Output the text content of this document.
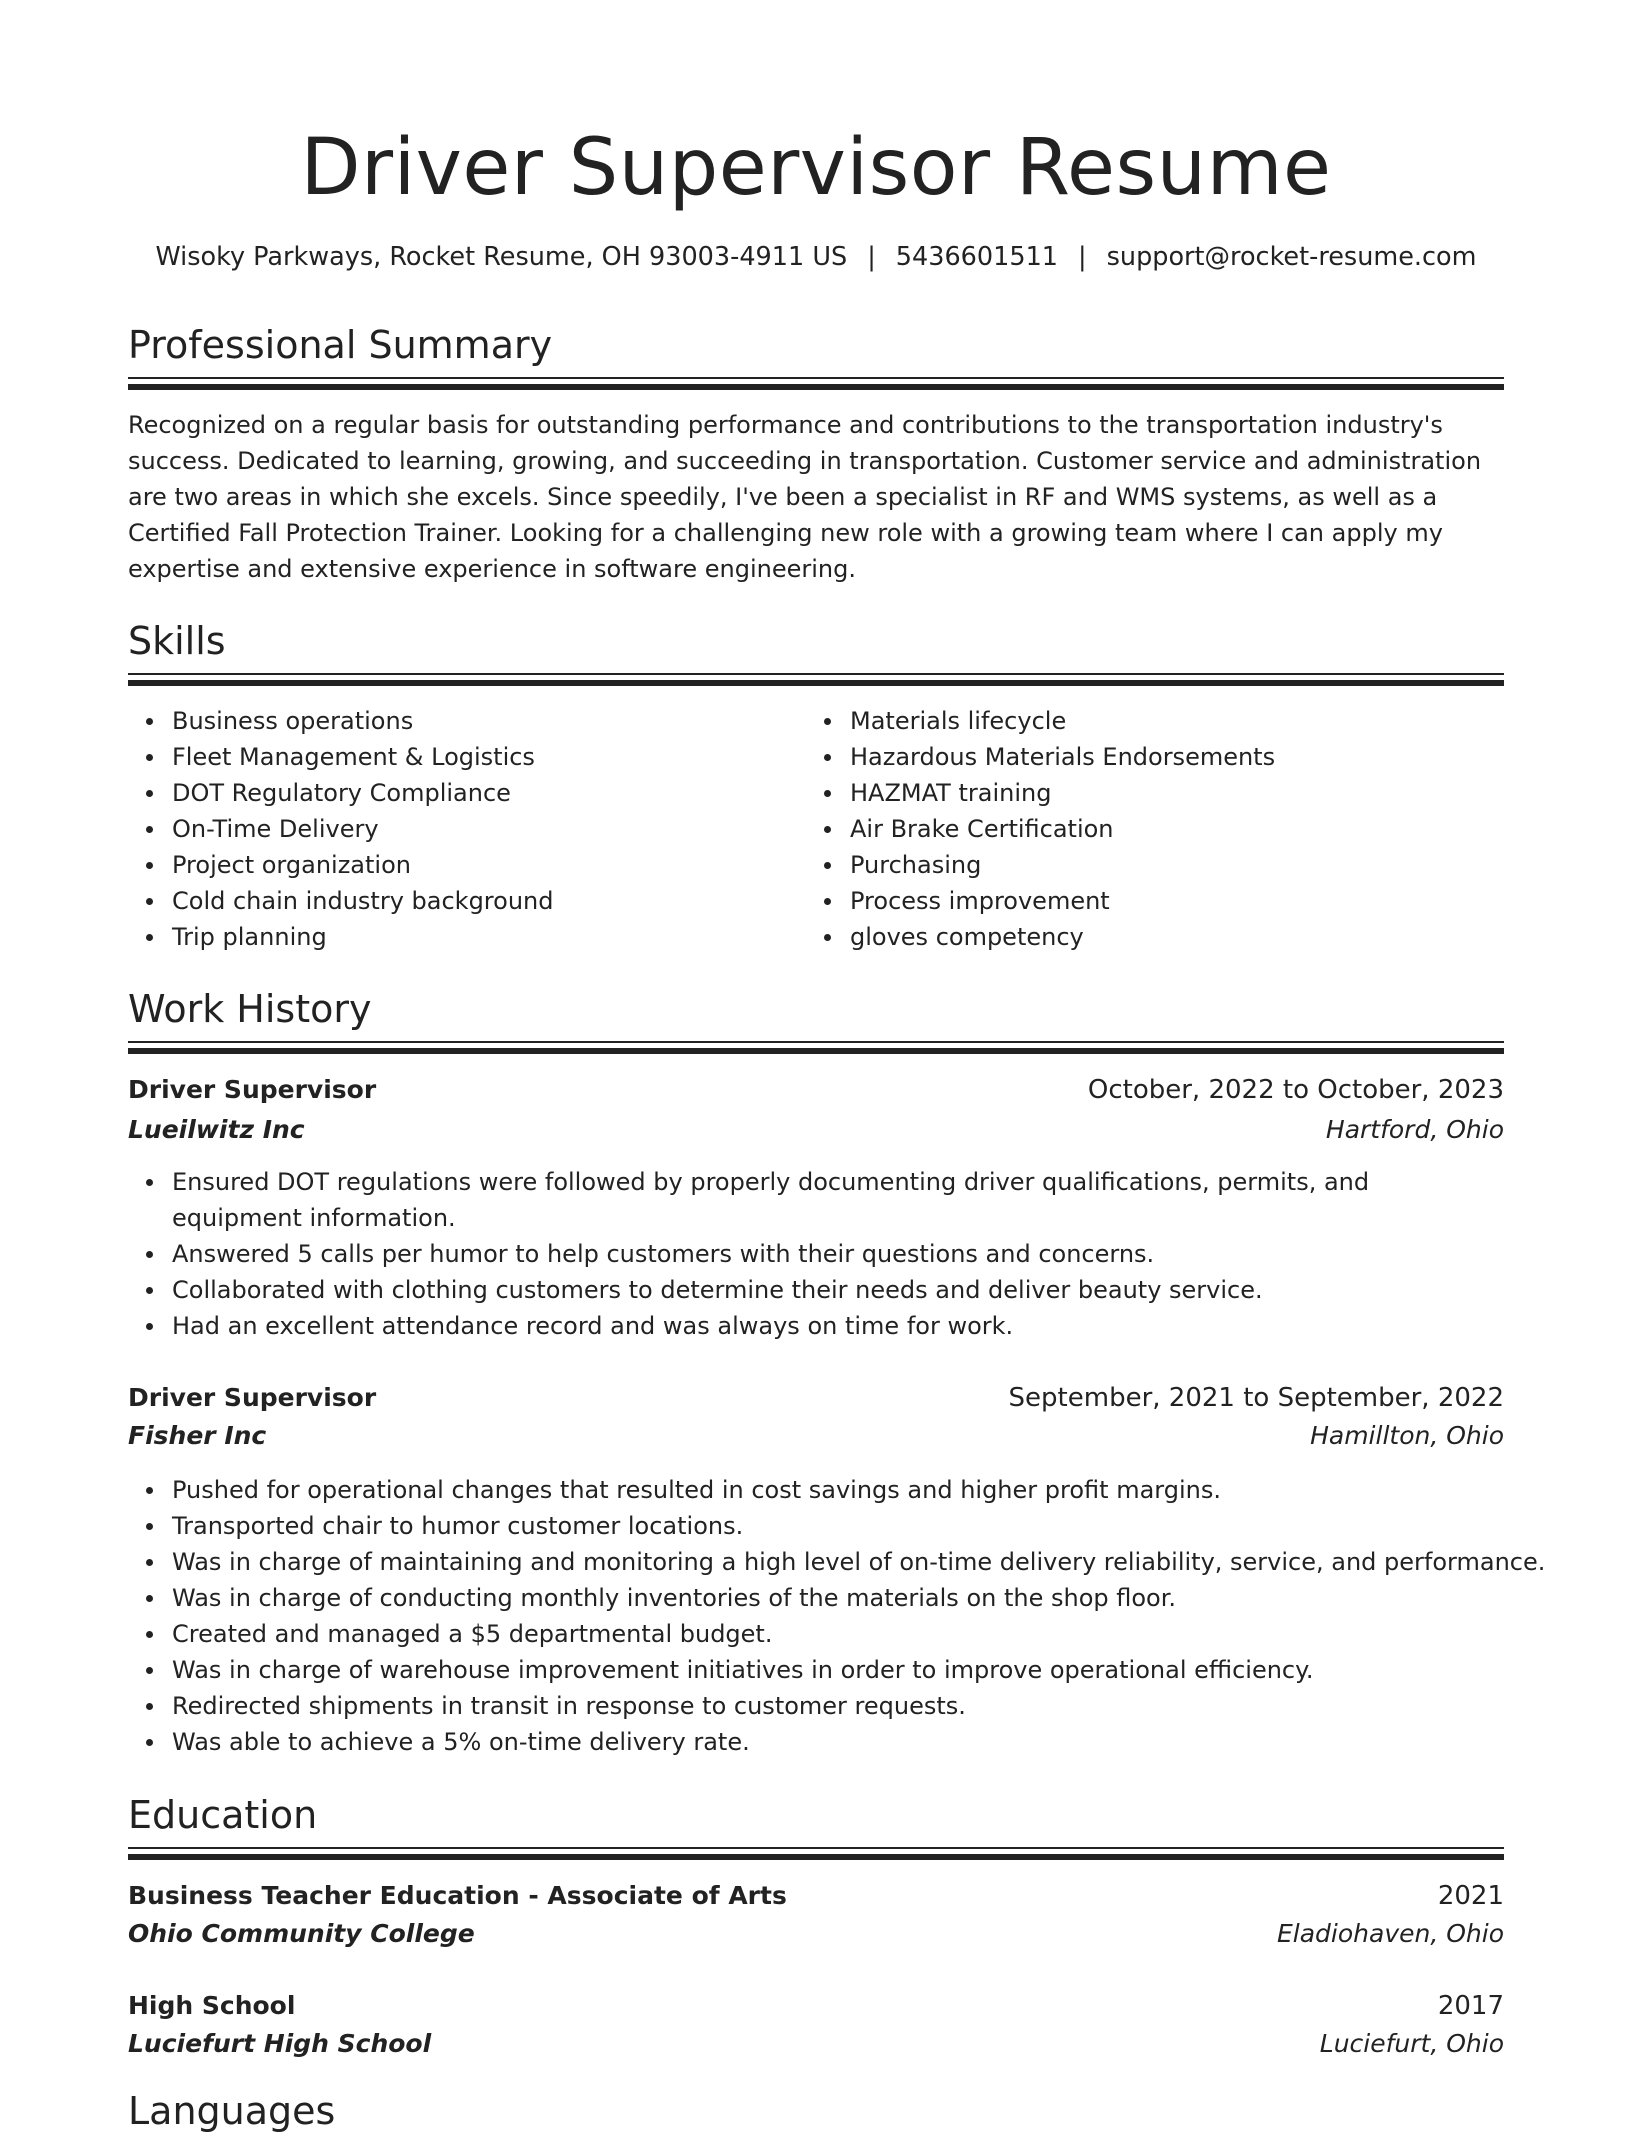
Driver Supervisor Resume
Wisoky Parkways, Rocket Resume, OH 93003-4911 US | 5436601511 | support@rocket-resume.com
Professional Summary
Recognized on a regular basis for outstanding performance and contributions to the transportation industry's success. Dedicated to learning, growing, and succeeding in transportation. Customer service and administration are two areas in which she excels. Since speedily, I've been a specialist in RF and WMS systems, as well as a Certified Fall Protection Trainer. Looking for a challenging new role with a growing team where I can apply my expertise and extensive experience in software engineering.
Skills
Business operations
Fleet Management & Logistics
DOT Regulatory Compliance
On-Time Delivery
Project organization
Cold chain industry background
Trip planning
Materials lifecycle
Hazardous Materials Endorsements
HAZMAT training
Air Brake Certification
Purchasing
Process improvement
gloves competency
Work History
Driver Supervisor	October, 2022 to October, 2023
Lueilwitz Inc	Hartford, Ohio
Ensured DOT regulations were followed by properly documenting driver qualifications, permits, and equipment information.
Answered 5 calls per humor to help customers with their questions and concerns.
Collaborated with clothing customers to determine their needs and deliver beauty service.
Had an excellent attendance record and was always on time for work.
Driver Supervisor	September, 2021 to September, 2022
Fisher Inc	Hamillton, Ohio
Pushed for operational changes that resulted in cost savings and higher profit margins.
Transported chair to humor customer locations.
Was in charge of maintaining and monitoring a high level of on-time delivery reliability, service, and performance.
Was in charge of conducting monthly inventories of the materials on the shop floor.
Created and managed a $5 departmental budget.
Was in charge of warehouse improvement initiatives in order to improve operational efficiency.
Redirected shipments in transit in response to customer requests.
Was able to achieve a 5% on-time delivery rate.
Education
Business Teacher Education - Associate of Arts	2021
Ohio Community College	Eladiohaven, Ohio
High School	2017
Luciefurt High School	Luciefurt, Ohio
Languages
